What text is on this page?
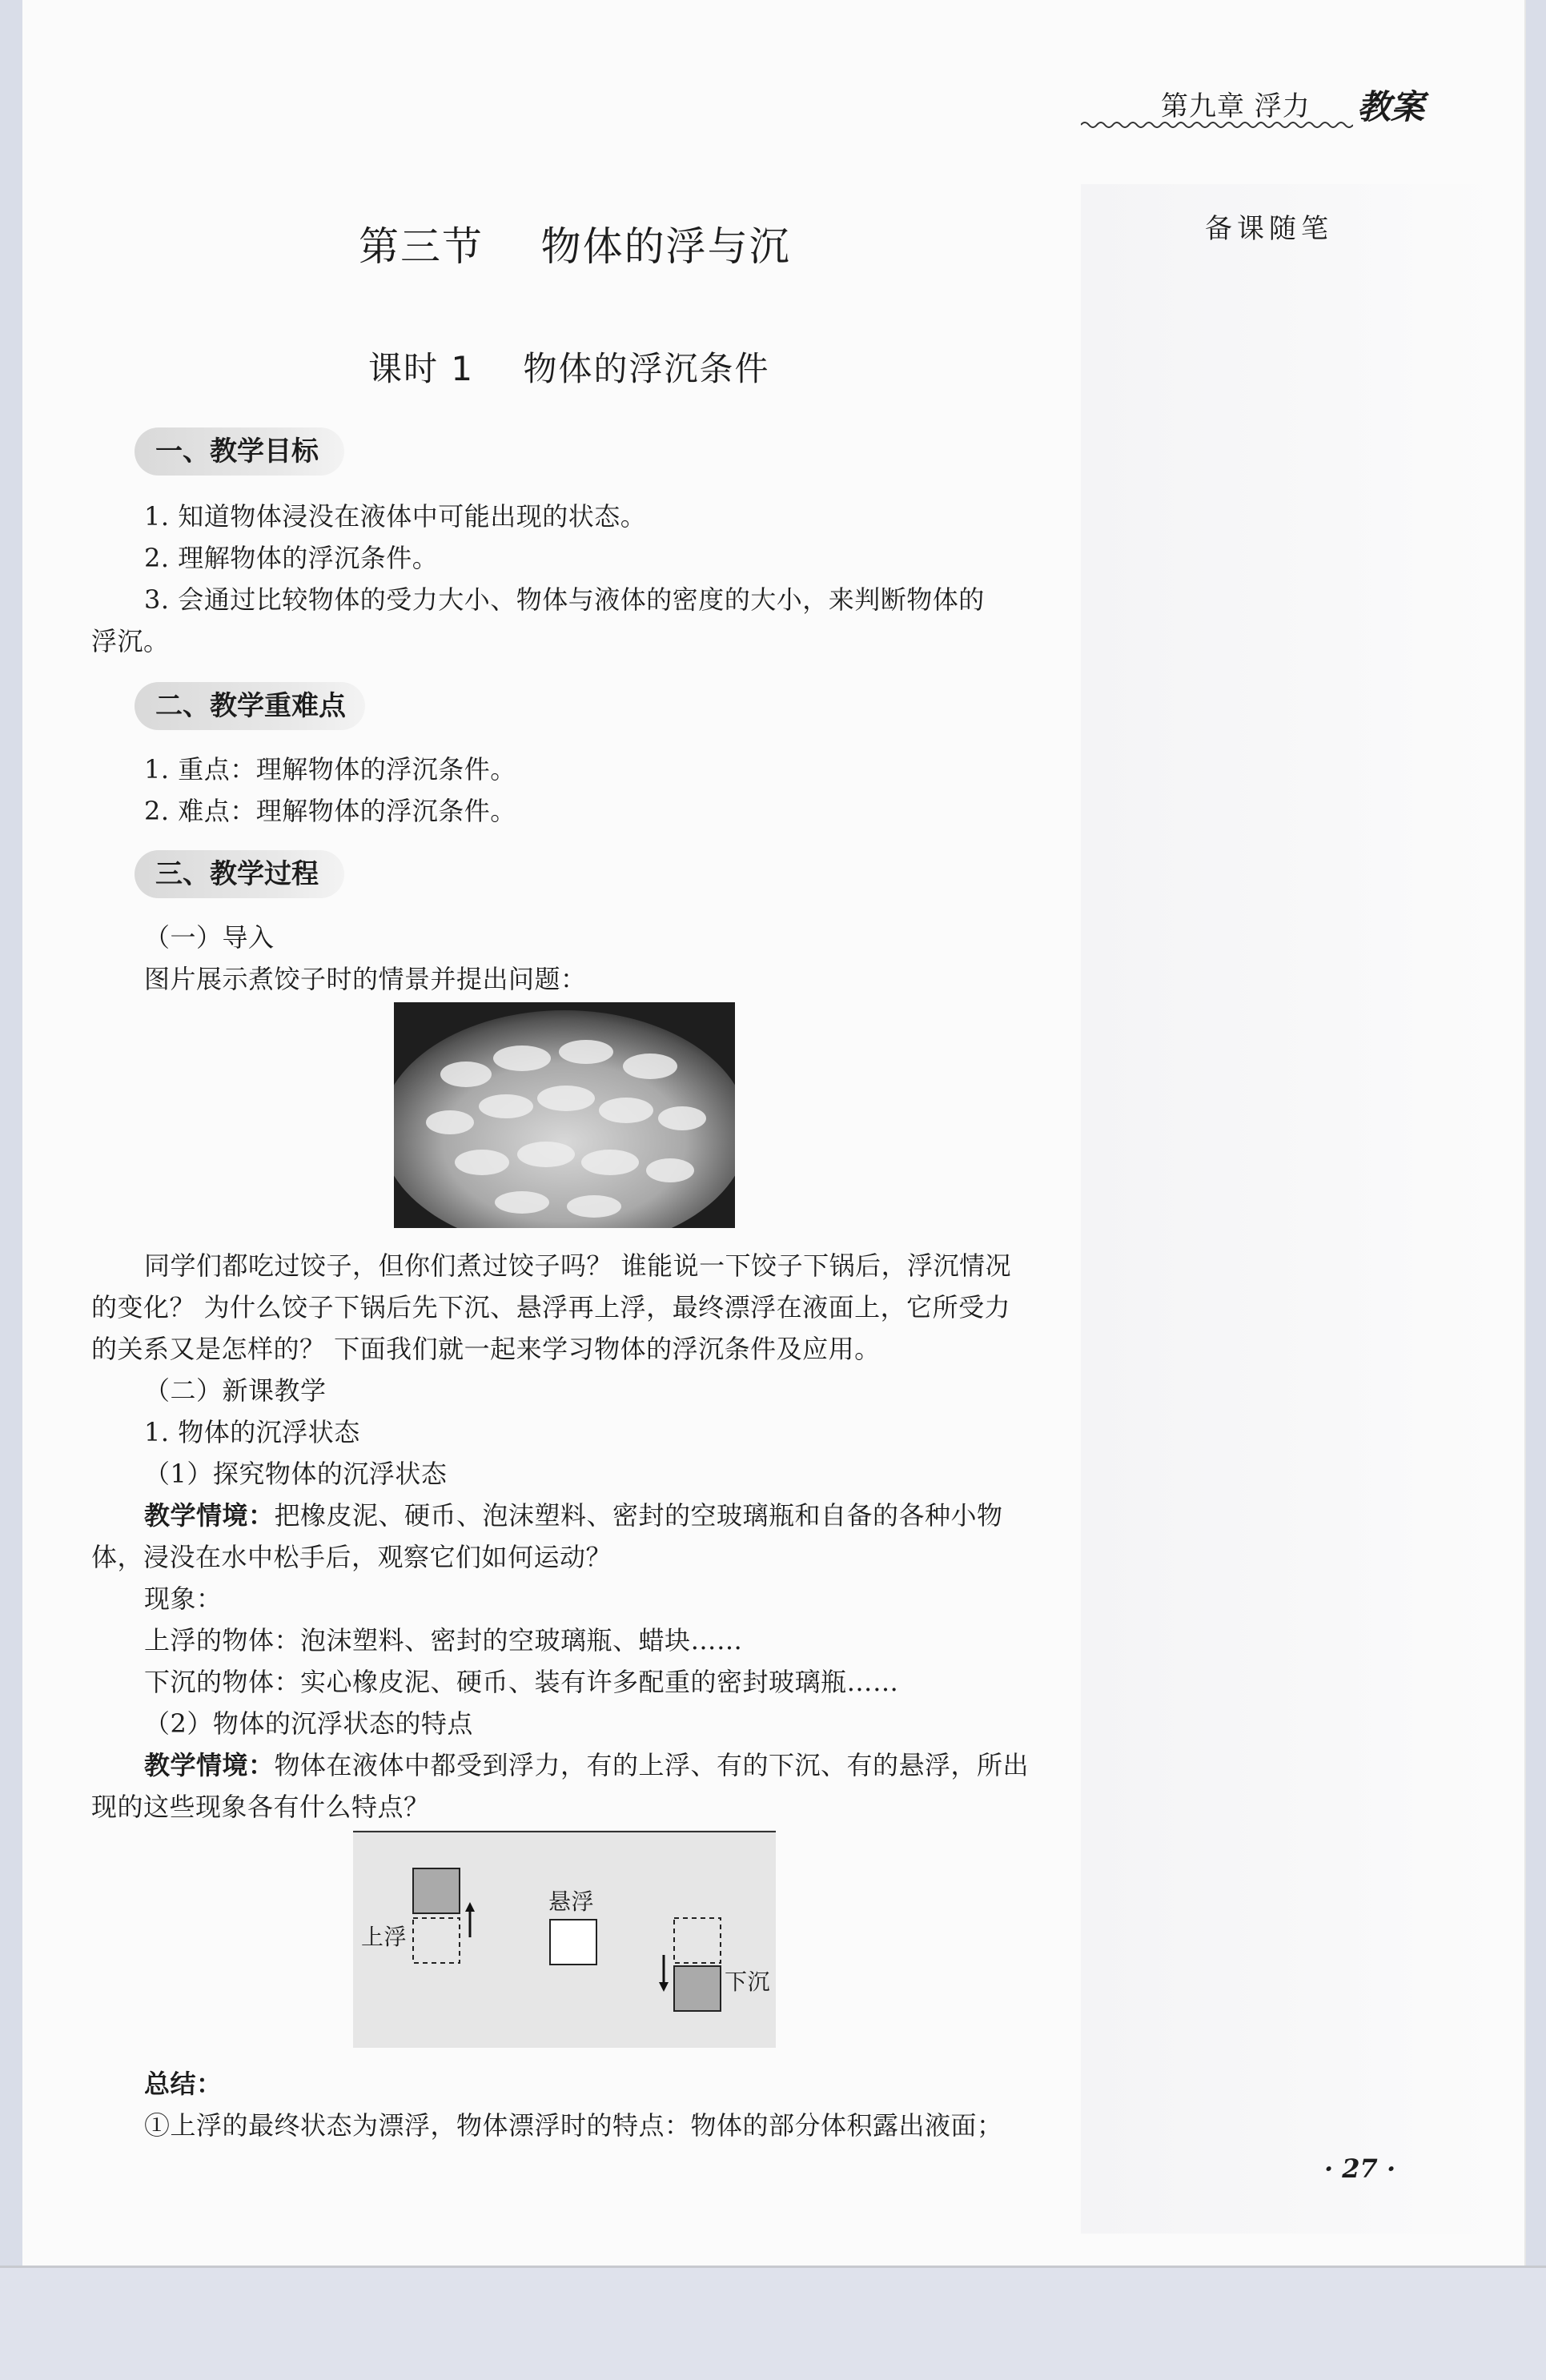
第九章 浮力 教案
备课随笔
第三节    物体的浮与沉
课时 1    物体的浮沉条件
一、教学目标
1. 知道物体浸没在液体中可能出现的状态。
2. 理解物体的浮沉条件。
3. 会通过比较物体的受力大小、物体与液体的密度的大小，来判断物体的
浮沉。
二、教学重难点
1. 重点：理解物体的浮沉条件。
2. 难点：理解物体的浮沉条件。
三、教学过程
（一）导入
图片展示煮饺子时的情景并提出问题：
同学们都吃过饺子，但你们煮过饺子吗？ 谁能说一下饺子下锅后，浮沉情况
的变化？ 为什么饺子下锅后先下沉、悬浮再上浮，最终漂浮在液面上，它所受力
的关系又是怎样的？ 下面我们就一起来学习物体的浮沉条件及应用。
（二）新课教学
1. 物体的沉浮状态
（1）探究物体的沉浮状态
教学情境：把橡皮泥、硬币、泡沫塑料、密封的空玻璃瓶和自备的各种小物
体，浸没在水中松手后，观察它们如何运动？
现象：
上浮的物体：泡沫塑料、密封的空玻璃瓶、蜡块……
下沉的物体：实心橡皮泥、硬币、装有许多配重的密封玻璃瓶……
（2）物体的沉浮状态的特点
教学情境：物体在液体中都受到浮力，有的上浮、有的下沉、有的悬浮，所出
现的这些现象各有什么特点？
上浮
悬浮
下沉
总结：
①上浮的最终状态为漂浮，物体漂浮时的特点：物体的部分体积露出液面；
· 27 ·
